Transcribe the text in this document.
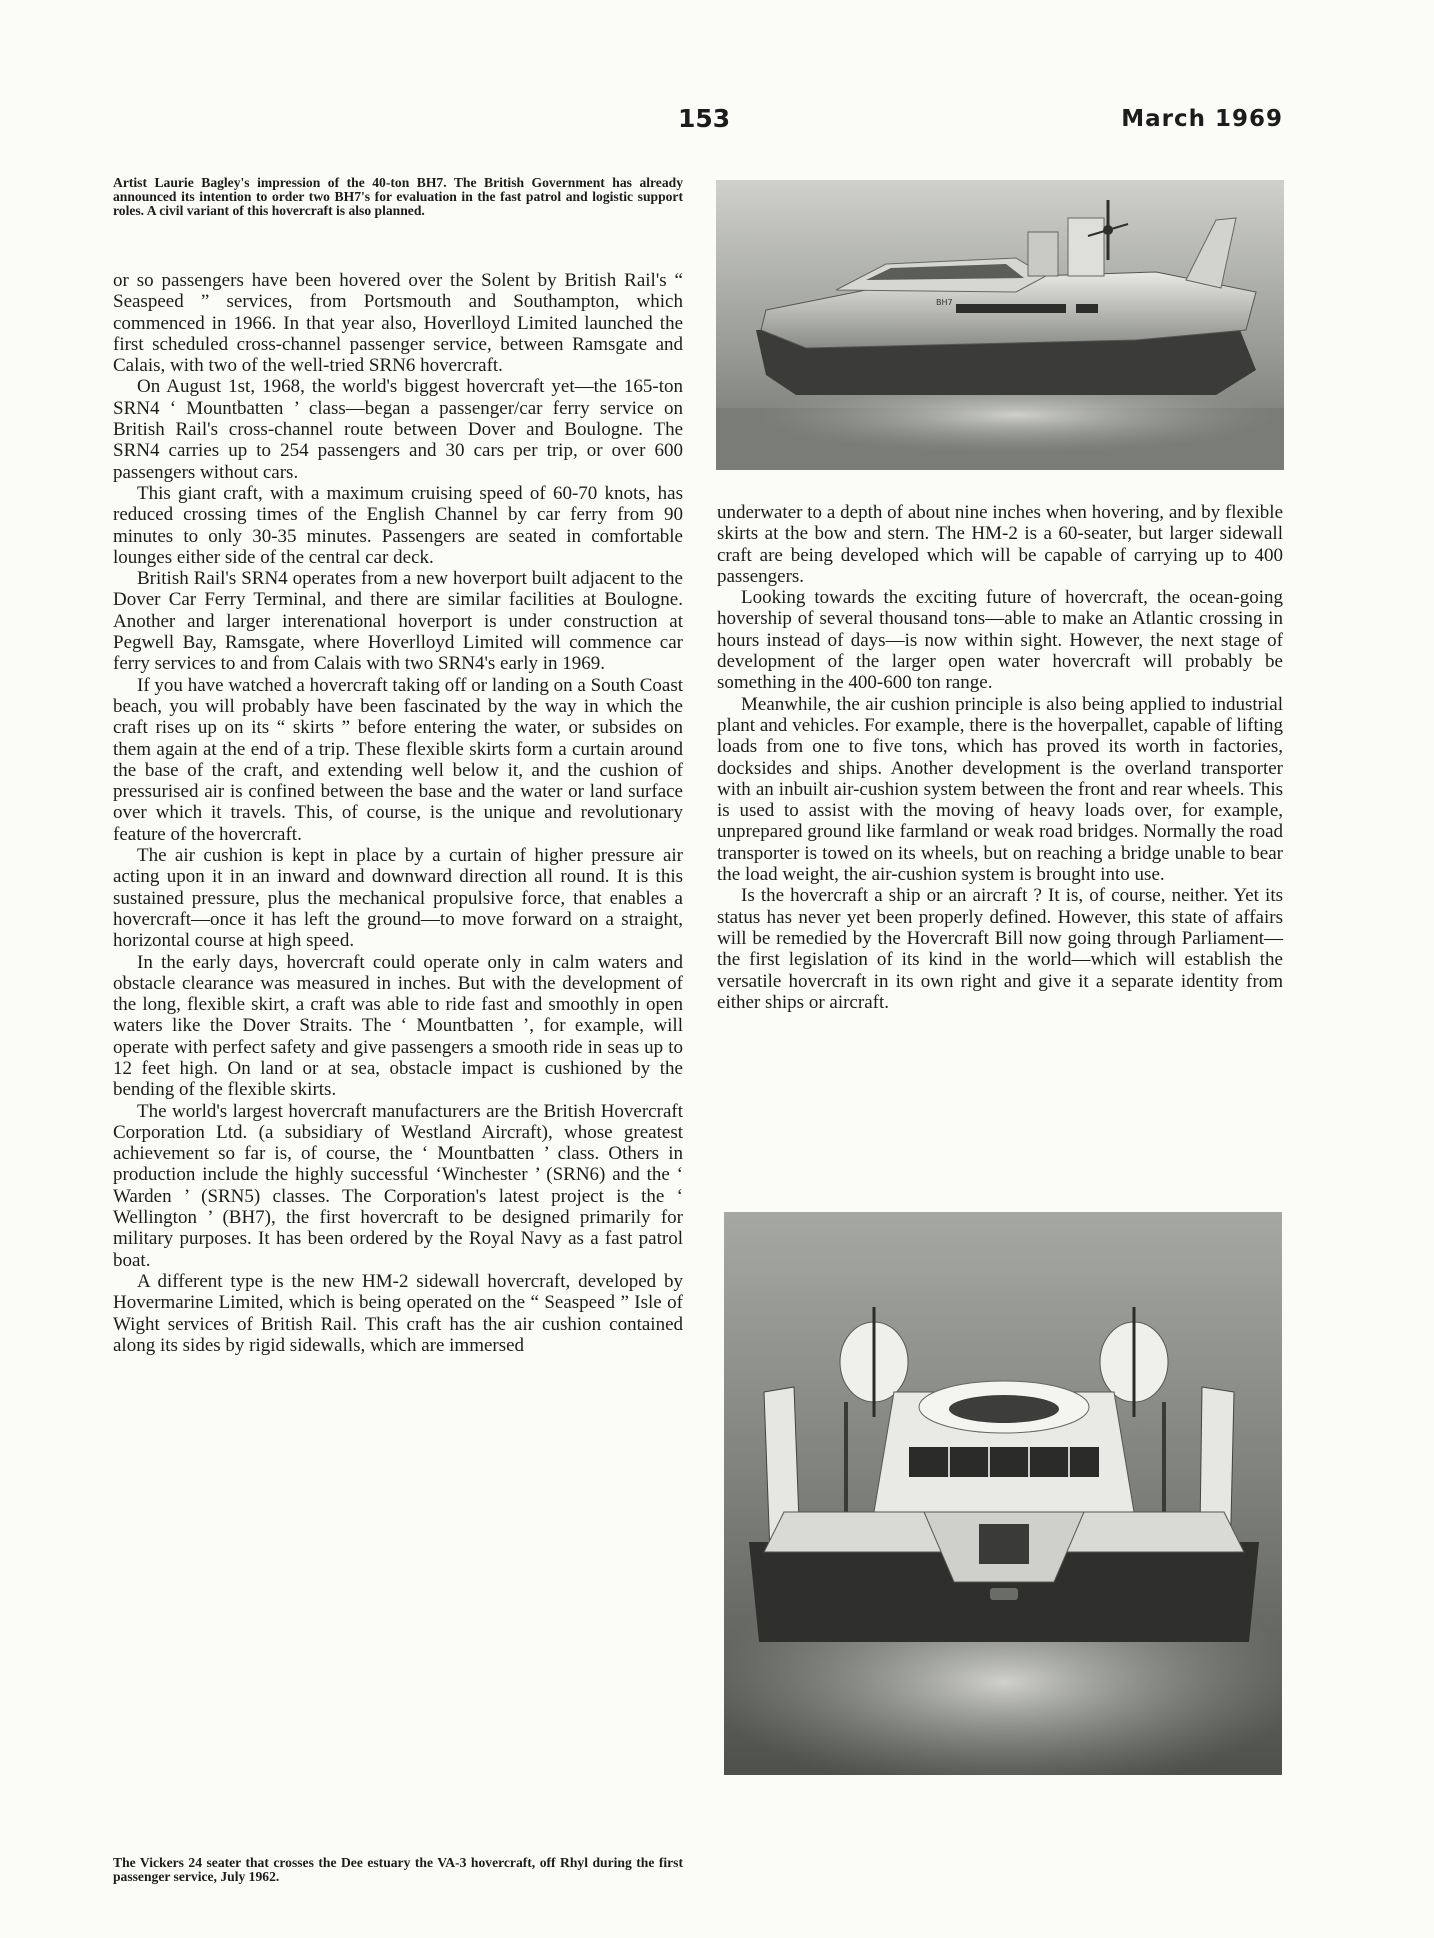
153	March 1969

Artist Laurie Bagley's impression of the 40-ton BH7. The British Government has already announced its intention to order two BH7's for evaluation in the fast patrol and logistic support roles. A civil variant of this hovercraft is also planned.

or so passengers have been hovered over the Solent by British Rail's “ Seaspeed ” services, from Portsmouth and Southampton, which commenced in 1966. In that year also, Hoverlloyd Limited launched the first scheduled cross-channel passenger service, between Ramsgate and Calais, with two of the well-tried SRN6 hovercraft.

On August 1st, 1968, the world's biggest hovercraft yet—the 165-ton SRN4 ‘ Mountbatten ’ class—began a passenger/car ferry service on British Rail's cross-channel route between Dover and Boulogne. The SRN4 carries up to 254 passengers and 30 cars per trip, or over 600 passengers without cars.

This giant craft, with a maximum cruising speed of 60-70 knots, has reduced crossing times of the English Channel by car ferry from 90 minutes to only 30-35 minutes. Passengers are seated in comfortable lounges either side of the central car deck.

British Rail's SRN4 operates from a new hoverport built adjacent to the Dover Car Ferry Terminal, and there are similar facilities at Boulogne. Another and larger interenational hoverport is under construction at Pegwell Bay, Ramsgate, where Hoverlloyd Limited will commence car ferry services to and from Calais with two SRN4's early in 1969.

If you have watched a hovercraft taking off or landing on a South Coast beach, you will probably have been fascinated by the way in which the craft rises up on its “ skirts ” before entering the water, or subsides on them again at the end of a trip. These flexible skirts form a curtain around the base of the craft, and extending well below it, and the cushion of pressurised air is confined between the base and the water or land surface over which it travels. This, of course, is the unique and revolutionary feature of the hovercraft.

The air cushion is kept in place by a curtain of higher pressure air acting upon it in an inward and downward direction all round. It is this sustained pressure, plus the mechanical propulsive force, that enables a hovercraft—once it has left the ground—to move forward on a straight, horizontal course at high speed.

In the early days, hovercraft could operate only in calm waters and obstacle clearance was measured in inches. But with the development of the long, flexible skirt, a craft was able to ride fast and smoothly in open waters like the Dover Straits. The ‘ Mountbatten ’, for example, will operate with perfect safety and give passengers a smooth ride in seas up to 12 feet high. On land or at sea, obstacle impact is cushioned by the bending of the flexible skirts.

The world's largest hovercraft manufacturers are the British Hovercraft Corporation Ltd. (a subsidiary of Westland Aircraft), whose greatest achievement so far is, of course, the ‘ Mountbatten ’ class. Others in production include the highly successful ‘Winchester ’ (SRN6) and the ‘ Warden ’ (SRN5) classes. The Corporation's latest project is the ‘ Wellington ’ (BH7), the first hovercraft to be designed primarily for military purposes. It has been ordered by the Royal Navy as a fast patrol boat.

A different type is the new HM-2 sidewall hovercraft, developed by Hovermarine Limited, which is being operated on the “ Seaspeed ” Isle of Wight services of British Rail. This craft has the air cushion contained along its sides by rigid sidewalls, which are immersed

The Vickers 24 seater that crosses the Dee estuary the VA-3 hovercraft, off Rhyl during the first passenger service, July 1962.

BH7

underwater to a depth of about nine inches when hovering, and by flexible skirts at the bow and stern. The HM-2 is a 60-seater, but larger sidewall craft are being developed which will be capable of carrying up to 400 passengers.

Looking towards the exciting future of hovercraft, the ocean-going hovership of several thousand tons—able to make an Atlantic crossing in hours instead of days—is now within sight. However, the next stage of development of the larger open water hovercraft will probably be something in the 400-600 ton range.

Meanwhile, the air cushion principle is also being applied to industrial plant and vehicles. For example, there is the hoverpallet, capable of lifting loads from one to five tons, which has proved its worth in factories, docksides and ships. Another development is the overland transporter with an inbuilt air-cushion system between the front and rear wheels. This is used to assist with the moving of heavy loads over, for example, unprepared ground like farmland or weak road bridges. Normally the road transporter is towed on its wheels, but on reaching a bridge unable to bear the load weight, the air-cushion system is brought into use.

Is the hovercraft a ship or an aircraft ? It is, of course, neither. Yet its status has never yet been properly defined. However, this state of affairs will be remedied by the Hovercraft Bill now going through Parliament—the first legislation of its kind in the world—which will establish the versatile hovercraft in its own right and give it a separate identity from either ships or aircraft.
